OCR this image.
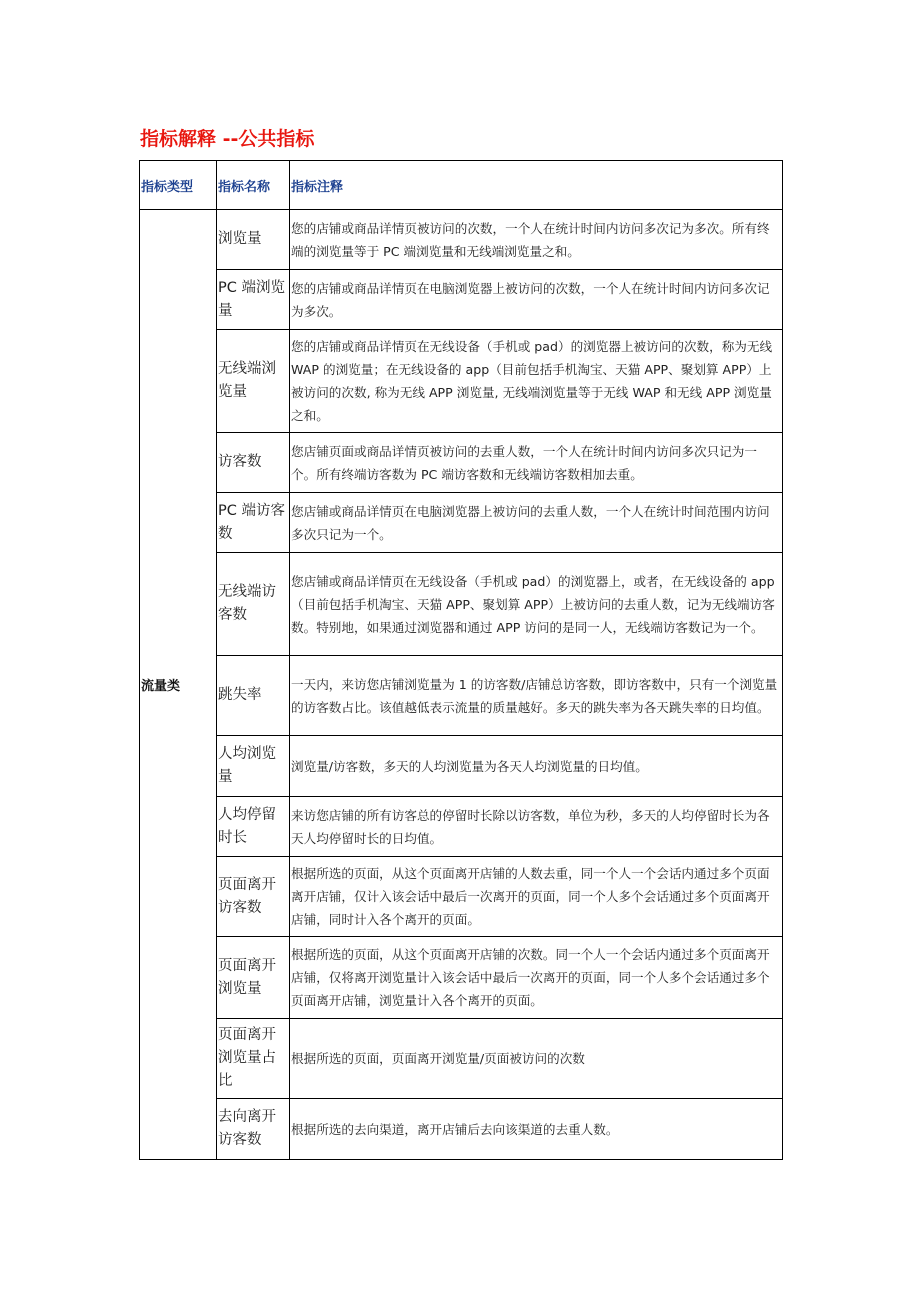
指标解释 --公共指标
指标类型	指标名称	指标注释
流量类	浏览量	您的店铺或商品详情页被访问的次数，一个人在统计时间内访问多次记为多次。所有终端的浏览量等于 PC 端浏览量和无线端浏览量之和。
	PC 端浏览量	您的店铺或商品详情页在电脑浏览器上被访问的次数，一个人在统计时间内访问多次记为多次。
	无线端浏览量	您的店铺或商品详情页在无线设备（手机或 pad）的浏览器上被访问的次数，称为无线 WAP 的浏览量；在无线设备的 app（目前包括手机淘宝、天猫 APP、聚划算 APP）上被访问的次数, 称为无线 APP 浏览量, 无线端浏览量等于无线 WAP 和无线 APP 浏览量之和。
	访客数	您店铺页面或商品详情页被访问的去重人数，一个人在统计时间内访问多次只记为一个。所有终端访客数为 PC 端访客数和无线端访客数相加去重。
	PC 端访客数	您店铺或商品详情页在电脑浏览器上被访问的去重人数，一个人在统计时间范围内访问多次只记为一个。
	无线端访客数	您店铺或商品详情页在无线设备（手机或 pad）的浏览器上，或者，在无线设备的 app（目前包括手机淘宝、天猫 APP、聚划算 APP）上被访问的去重人数，记为无线端访客数。特别地，如果通过浏览器和通过 APP 访问的是同一人，无线端访客数记为一个。
	跳失率	一天内，来访您店铺浏览量为 1 的访客数/店铺总访客数，即访客数中，只有一个浏览量的访客数占比。该值越低表示流量的质量越好。多天的跳失率为各天跳失率的日均值。
	人均浏览量	浏览量/访客数，多天的人均浏览量为各天人均浏览量的日均值。
	人均停留时长	来访您店铺的所有访客总的停留时长除以访客数，单位为秒，多天的人均停留时长为各天人均停留时长的日均值。
	页面离开访客数	根据所选的页面，从这个页面离开店铺的人数去重，同一个人一个会话内通过多个页面离开店铺，仅计入该会话中最后一次离开的页面，同一个人多个会话通过多个页面离开店铺，同时计入各个离开的页面。
	页面离开浏览量	根据所选的页面，从这个页面离开店铺的次数。同一个人一个会话内通过多个页面离开店铺，仅将离开浏览量计入该会话中最后一次离开的页面，同一个人多个会话通过多个页面离开店铺，浏览量计入各个离开的页面。
	页面离开浏览量占比	根据所选的页面，页面离开浏览量/页面被访问的次数
	去向离开访客数	根据所选的去向渠道，离开店铺后去向该渠道的去重人数。
